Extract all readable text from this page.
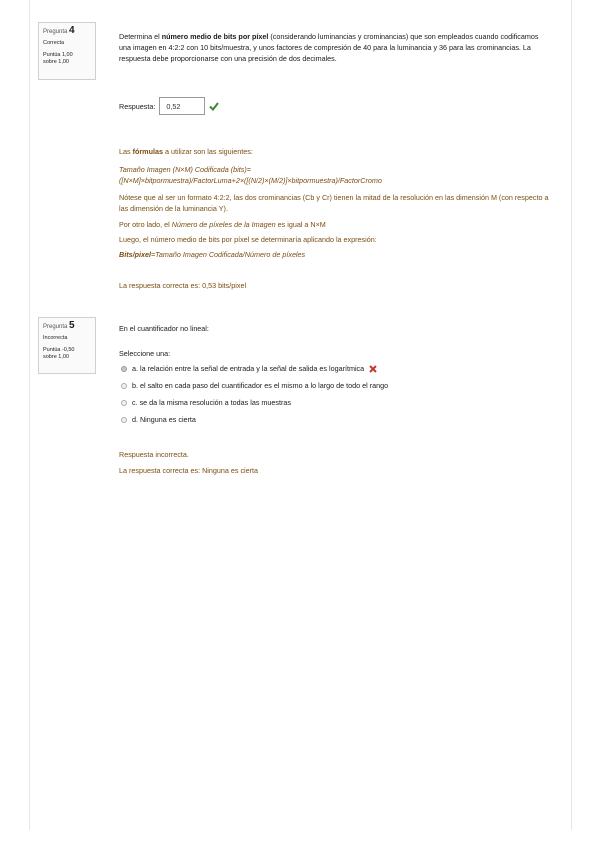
Pregunta 4
Correcta
Puntúa 1,00
sobre 1,00
Determina el número medio de bits por píxel (considerando luminancias y crominancias) que son empleados cuando codificamos una imagen en 4:2:2 con 10 bits/muestra, y unos factores de compresión de 40 para la luminancia y 36 para las crominancias. La respuesta debe proporcionarse con una precisión de dos decimales.
Respuesta:	0,52
Las fórmulas a utilizar son las siguientes:
Tamaño Imagen (N×M) Codificada (bits)=
([N×M]×bitpormuestra)/FactorLuma+2×([(N/2)×(M/2)]×bitpormuestra)/FactorCromo
Nótese que al ser un formato 4:2:2, las dos crominancias (Cb y Cr) tienen la mitad de la resolución en las dimensión M (con respecto a las dimensión de la luminancia Y).
Por otro lado, el Número de píxeles de la Imagen es igual a N×M
Luego, el número medio de bits por píxel se determinaría aplicando la expresión:
Bits/pixel=Tamaño Imagen Codificada/Número de píxeles
La respuesta correcta es: 0,53 bits/pixel
Pregunta 5
Incorrecta
Puntúa -0,50
sobre 1,00
En el cuantificador no lineal:
Seleccione una:
a. la relación entre la señal de entrada y la señal de salida es logarítmica
b. el salto en cada paso del cuantificador es el mismo a lo largo de todo el rango
c. se da la misma resolución a todas las muestras
d. Ninguna es cierta
Respuesta incorrecta.
La respuesta correcta es: Ninguna es cierta
